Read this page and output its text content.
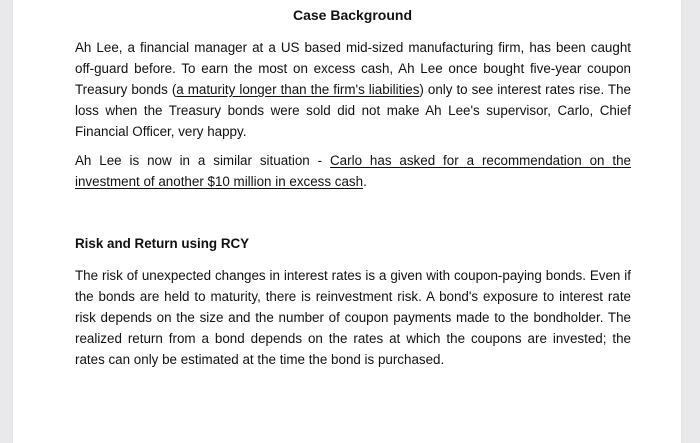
Case Background

Ah Lee, a financial manager at a US based mid-sized manufacturing firm, has been caught off-guard before. To earn the most on excess cash, Ah Lee once bought five-year coupon Treasury bonds (a maturity longer than the firm's liabilities) only to see interest rates rise. The loss when the Treasury bonds were sold did not make Ah Lee's supervisor, Carlo, Chief Financial Officer, very happy.

Ah Lee is now in a similar situation - Carlo has asked for a recommendation on the investment of another $10 million in excess cash.

Risk and Return using RCY

The risk of unexpected changes in interest rates is a given with coupon-paying bonds. Even if the bonds are held to maturity, there is reinvestment risk. A bond's exposure to interest rate risk depends on the size and the number of coupon payments made to the bondholder. The realized return from a bond depends on the rates at which the coupons are invested; the rates can only be estimated at the time the bond is purchased.
